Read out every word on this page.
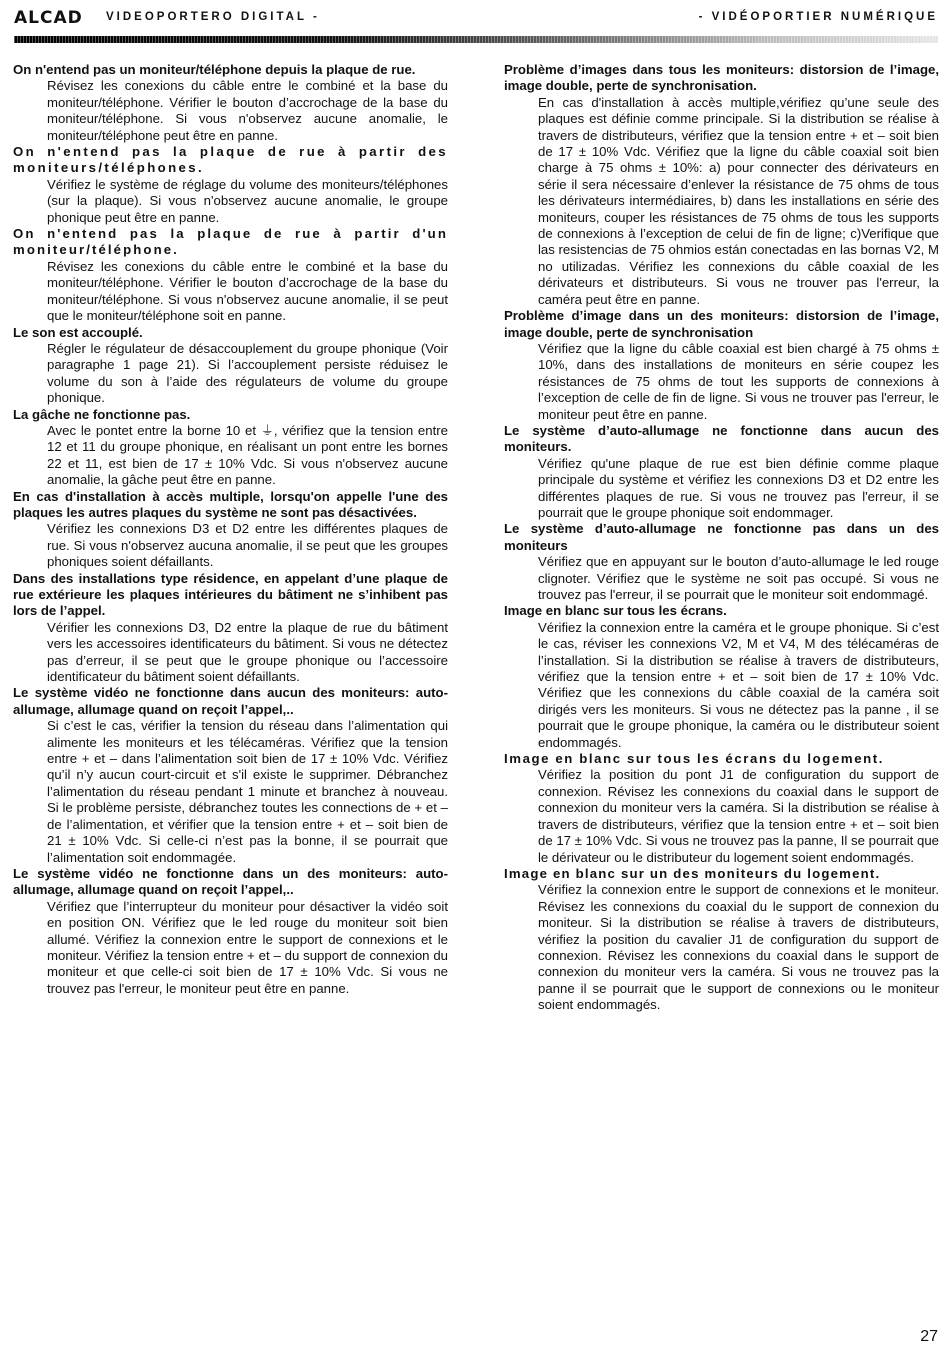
ALCAD VIDEOPORTERO DIGITAL -	- VIDÉOPORTIER NUMÉRIQUE
On n'entend pas un moniteur/téléphone depuis la plaque de rue.

Révisez les conexions du câble entre le combiné et la base du moniteur/téléphone. Vérifier le bouton d’accrochage de la base du moniteur/téléphone. Si vous n'observez aucune anomalie, le moniteur/téléphone peut être en panne.

On n'entend pas la plaque de rue à partir des moniteurs/téléphones.

Vérifiez le système de réglage du volume des moniteurs/téléphones (sur la plaque). Si vous n'observez aucune anomalie, le groupe phonique peut être en panne.

On n'entend pas la plaque de rue à partir d'un moniteur/téléphone.

Révisez les conexions du câble entre le combiné et la base du moniteur/téléphone. Vérifier le bouton d’accrochage de la base du moniteur/téléphone. Si vous n'observez aucune anomalie, il se peut que le moniteur/téléphone soit en panne.

Le son est accouplé.

Régler le régulateur de désaccouplement du groupe phonique (Voir paragraphe 1 page 21). Si l’accouplement persiste réduisez le volume du son à l’aide des régulateurs de volume du groupe phonique.

La gâche ne fonctionne pas.

Avec le pontet entre la borne 10 et ⏚, vérifiez que la tension entre 12 et 11 du groupe phonique, en réalisant un pont entre les bornes 22 et 11, est bien de 17 ± 10% Vdc. Si vous n'observez aucune anomalie, la gâche peut être en panne.

En cas d'installation à accès multiple, lorsqu'on appelle l'une des plaques les autres plaques du système ne sont pas désactivées.

Vérifiez les connexions D3 et D2 entre les différentes plaques de rue. Si vous n'observez aucuna anomalie, il se peut que les groupes phoniques soient défaillants.

Dans des installations type résidence, en appelant d’une plaque de rue extérieure les plaques intérieures du bâtiment ne s’inhibent pas lors de l’appel.

Vérifier les connexions D3, D2 entre la plaque de rue du bâtiment vers les accessoires identificateurs du bâtiment. Si vous ne détectez pas d’erreur, il se peut que le groupe phonique ou l’accessoire identificateur du bâtiment soient défaillants.

Le système vidéo ne fonctionne dans aucun des moniteurs: auto-allumage, allumage quand on reçoit l’appel,..

Si c’est le cas, vérifier la tension du réseau dans l’alimentation qui alimente les moniteurs et les télécaméras. Vérifiez que la tension entre + et – dans l’alimentation soit bien de 17 ± 10% Vdc. Vérifiez qu’il n’y aucun court-circuit et s'il existe le supprimer. Débranchez l’alimentation du réseau pendant 1 minute et branchez à nouveau. Si le problème persiste, débranchez toutes les connections de + et – de l’alimentation, et vérifier que la tension entre + et – soit bien de 21 ± 10% Vdc. Si celle-ci n’est pas la bonne, il se pourrait que l’alimentation soit endommagée.

Le système vidéo ne fonctionne dans un des moniteurs: auto-allumage, allumage quand on reçoit l’appel,..

Vérifiez que l’interrupteur du moniteur pour désactiver la vidéo soit en position ON. Vérifiez que le led rouge du moniteur soit bien allumé. Vérifiez la connexion entre le support de connexions et le moniteur. Vérifiez la tension entre + et – du support de connexion du moniteur et que celle-ci soit bien de 17 ± 10% Vdc. Si vous ne trouvez pas l'erreur, le moniteur peut être en panne.

Problème d’images dans tous les moniteurs: distorsion de l’image, image double, perte de synchronisation.

En cas d'installation à accès multiple,vérifiez qu’une seule des plaques est définie comme principale. Si la distribution se réalise à travers de distributeurs, vérifiez que la tension entre + et – soit bien de 17 ± 10% Vdc. Vérifiez que la ligne du câble coaxial soit bien charge à 75 ohms ± 10%: a) pour connecter des dérivateurs en série il sera nécessaire d’enlever la résistance de 75 ohms de tous les dérivateurs intermédiaires, b) dans les installations en série des moniteurs, couper les résistances de 75 ohms de tous les supports de connexions à l’exception de celui de fin de ligne; c)Verifique que las resistencias de 75 ohmios están conectadas en las bornas V2, M no utilizadas. Vérifiez les connexions du câble coaxial de les dérivateurs et distributeurs. Si vous ne trouver pas l'erreur, la caméra peut être en panne.

Problème d’image dans un des moniteurs: distorsion de l’image, image double, perte de synchronisation

Vérifiez que la ligne du câble coaxial est bien chargé à 75 ohms ± 10%, dans des installations de moniteurs en série coupez les résistances de 75 ohms de tout les supports de connexions à l’exception de celle de fin de ligne. Si vous ne trouver pas l'erreur, le moniteur peut être en panne.

Le système d’auto-allumage ne fonctionne dans aucun des moniteurs.

Vérifiez qu'une plaque de rue est bien définie comme plaque principale du système et vérifiez les connexions D3 et D2 entre les différentes plaques de rue. Si vous ne trouvez pas l'erreur, il se pourrait que le groupe phonique soit endommager.

Le système d’auto-allumage ne fonctionne pas dans un des moniteurs

Vérifiez que en appuyant sur le bouton d’auto-allumage le led rouge clignoter. Vérifiez que le système ne soit pas occupé. Si vous ne trouvez pas l'erreur, il se pourrait que le moniteur soit endommagé.

Image en blanc sur tous les écrans.

Vérifiez la connexion entre la caméra et le groupe phonique. Si c’est le cas, réviser les connexions V2, M et V4, M des télécaméras de l’installation. Si la distribution se réalise à travers de distributeurs, vérifiez que la tension entre + et – soit bien de 17 ± 10% Vdc. Vérifiez que les connexions du câble coaxial de la caméra soit dirigés vers les moniteurs. Si vous ne détectez pas la panne , il se pourrait que le groupe phonique, la caméra ou le distributeur soient endommagés.

Image en blanc sur tous les écrans du logement.

Vérifiez la position du pont J1 de configuration du support de connexion. Révisez les connexions du coaxial dans le support de connexion du moniteur vers la caméra. Si la distribution se réalise à travers de distributeurs, vérifiez que la tension entre + et – soit bien de 17 ± 10% Vdc. Si vous ne trouvez pas la panne, Il se pourrait que le dérivateur ou le distributeur du logement soient endommagés.

Image en blanc sur un des moniteurs du logement.

Vérifiez la connexion entre le support de connexions et le moniteur. Révisez les connexions du coaxial du le support de connexion du moniteur. Si la distribution se réalise à travers de distributeurs, vérifiez la position du cavalier J1 de configuration du support de connexion. Révisez les connexions du coaxial dans le support de connexion du moniteur vers la caméra. Si vous ne trouvez pas la panne il se pourrait que le support de connexions ou le moniteur soient endommagés.

27
